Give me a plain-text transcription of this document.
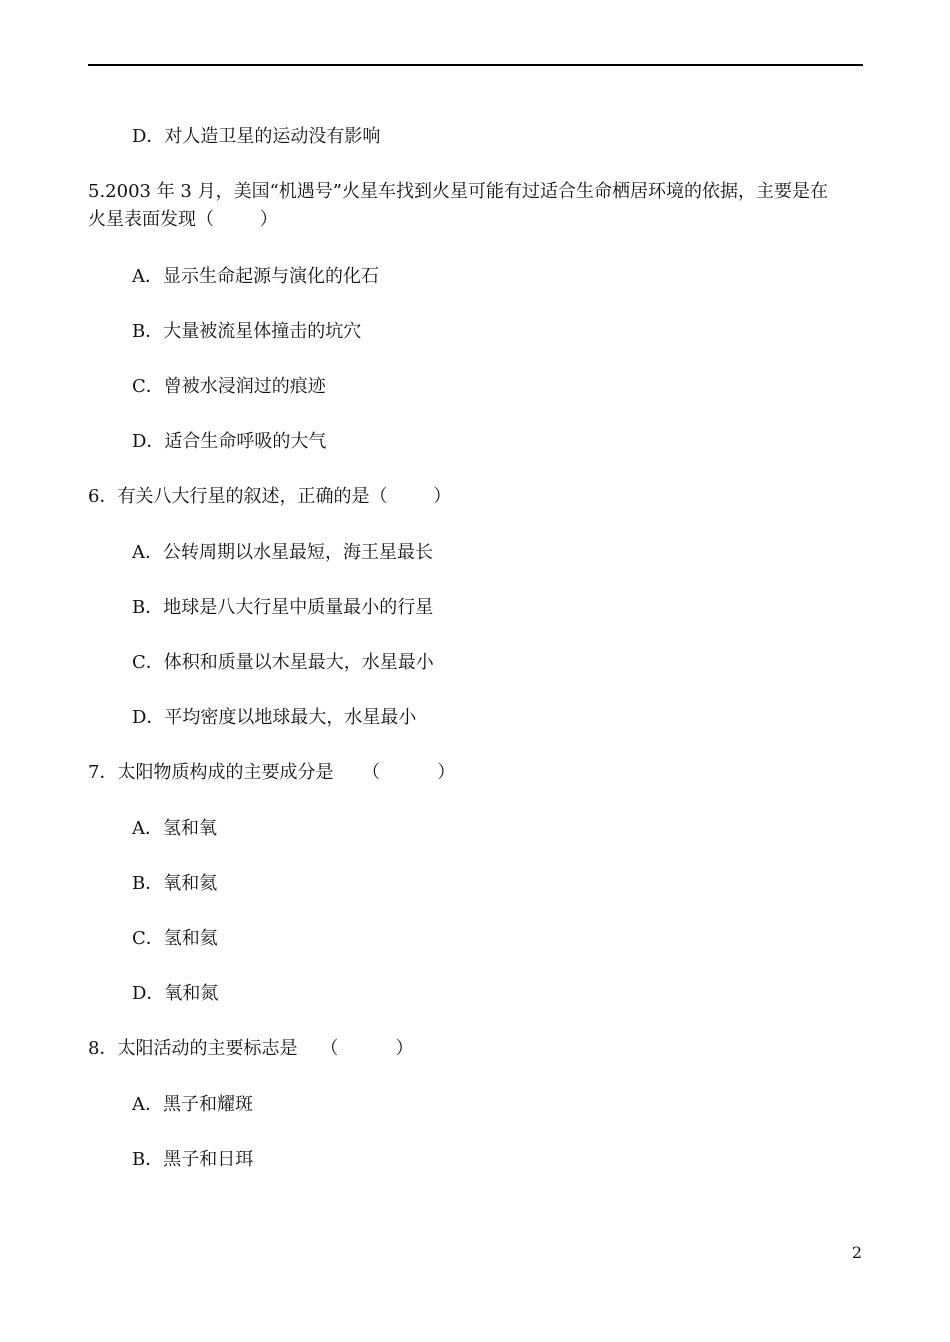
D．对人造卫星的运动没有影响
5.2003 年 3 月，美国“机遇号”火星车找到火星可能有过适合生命栖居环境的依据，主要是在
火星表面发现（        ）
A．显示生命起源与演化的化石
B．大量被流星体撞击的坑穴
C．曾被水浸润过的痕迹
D．适合生命呼吸的大气
6．有关八大行星的叙述，正确的是（        ）
A．公转周期以水星最短，海王星最长
B．地球是八大行星中质量最小的行星
C．体积和质量以木星最大，水星最小
D．平均密度以地球最大，水星最小
7．太阳物质构成的主要成分是     （          ）
A．氢和氧
B．氧和氦
C．氢和氦
D．氧和氮
8．太阳活动的主要标志是    （          ）
A．黑子和耀斑
B．黑子和日珥
2
